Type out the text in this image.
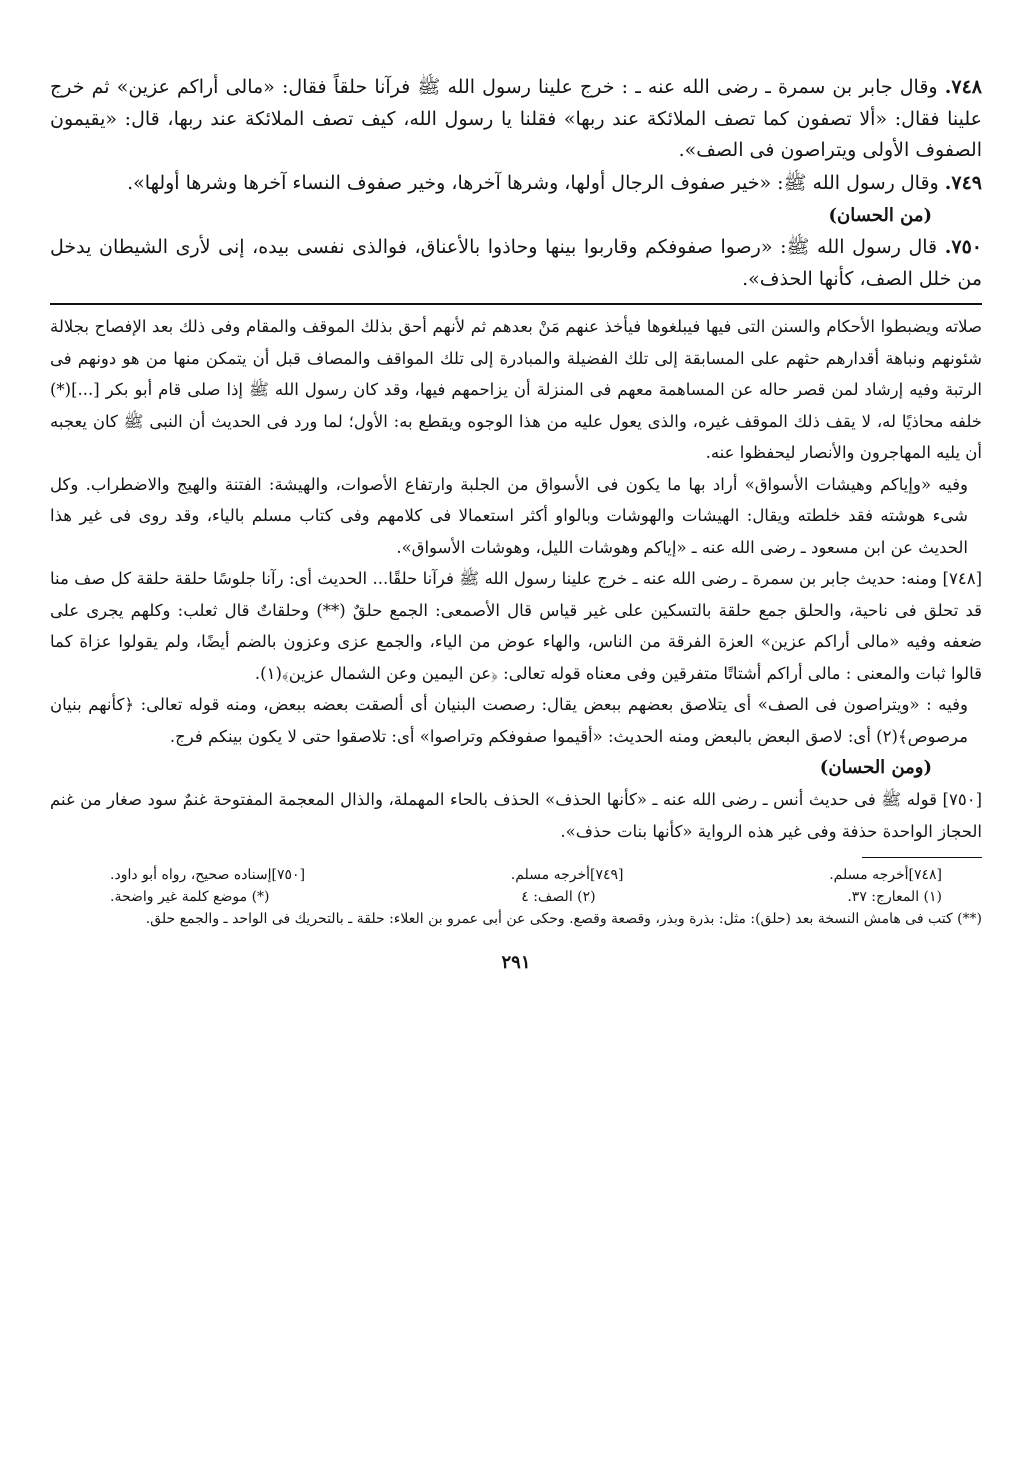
٧٤٨. وقال جابر بن سمرة ـ رضى الله عنه ـ : خرج علينا رسول الله ﷺ فرآنا حلقاً فقال: «مالى أراكم عزين» ثم خرج علينا فقال: «ألا تصفون كما تصف الملائكة عند ربها» فقلنا يا رسول الله، كيف تصف الملائكة عند ربها، قال: «يقيمون الصفوف الأولى ويتراصون فى الصف».

٧٤٩. وقال رسول الله ﷺ: «خير صفوف الرجال أولها، وشرها آخرها، وخير صفوف النساء آخرها وشرها أولها».

(من الحسان)

٧٥٠. قال رسول الله ﷺ: «رصوا صفوفكم وقاربوا بينها وحاذوا بالأعناق، فوالذى نفسى بيده، إنى لأرى الشيطان يدخل من خلل الصف، كأنها الحذف».

صلاته ويضبطوا الأحكام والسنن التى فيها فيبلغوها فيأخذ عنهم مَنْ بعدهم ثم لأنهم أحق بذلك الموقف والمقام وفى ذلك بعد الإفصاح بجلالة شئونهم ونباهة أقدارهم حثهم على المسابقة إلى تلك الفضيلة والمبادرة إلى تلك المواقف والمصاف قبل أن يتمكن منها من هو دونهم فى الرتبة وفيه إرشاد لمن قصر حاله عن المساهمة معهم فى المنزلة أن يزاحمهم فيها، وقد كان رسول الله ﷺ إذا صلى قام أبو بكر [...](*) خلفه محاذيًا له، لا يقف ذلك الموقف غيره، والذى يعول عليه من هذا الوجوه ويقطع به: الأول؛ لما ورد فى الحديث أن النبى ﷺ كان يعجبه أن يليه المهاجرون والأنصار ليحفظوا عنه.

وفيه «وإياكم وهيشات الأسواق» أراد بها ما يكون فى الأسواق من الجلبة وارتفاع الأصوات، والهيشة: الفتنة والهيج والاضطراب. وكل شىء هوشته فقد خلطته ويقال: الهيشات والهوشات وبالواو أكثر استعمالا فى كلامهم وفى كتاب مسلم بالياء، وقد روى فى غير هذا الحديث عن ابن مسعود ـ رضى الله عنه ـ «إياكم وهوشات الليل، وهوشات الأسواق».

[٧٤٨] ومنه: حديث جابر بن سمرة ـ رضى الله عنه ـ خرج علينا رسول الله ﷺ فرآنا حلقًا... الحديث أى: رآنا جلوسًا حلقة حلقة كل صف منا قد تحلق فى ناحية، والحلق جمع حلقة بالتسكين على غير قياس قال الأصمعى: الجمع حلقٌ (**) وحلقاتٌ قال ثعلب: وكلهم يجرى على ضعفه وفيه «مالى أراكم عزين» العزة الفرقة من الناس، والهاء عوض من الياء، والجمع عزى وعزون بالضم أيضًا، ولم يقولوا عزاة كما قالوا ثبات والمعنى : مالى أراكم أشتاتًا متفرقين وفى معناه قوله تعالى: ﴿عن اليمين وعن الشمال عزين﴾(١).

وفيه : «ويتراصون فى الصف» أى يتلاصق بعضهم ببعض يقال: رصصت البنيان أى ألصقت بعضه ببعض، ومنه قوله تعالى: ﴿كأنهم بنيان مرصوص﴾(٢) أى: لاصق البعض بالبعض ومنه الحديث: «أقيموا صفوفكم وتراصوا» أى: تلاصقوا حتى لا يكون بينكم فرج.

(ومن الحسان)

[٧٥٠] قوله ﷺ فى حديث أنس ـ رضى الله عنه ـ «كأنها الحذف» الحذف بالحاء المهملة، والذال المعجمة المفتوحة غنمٌ سود صغار من غنم الحجاز الواحدة حذفة وفى غير هذه الرواية «كأنها بنات حذف».

[٧٤٨]أخرجه مسلم.
[٧٤٩]أخرجه مسلم.
[٧٥٠]إسناده صحيح، رواه أبو داود.
(١) المعارج: ٣٧.
(٢) الصف: ٤
(*) موضع كلمة غير واضحة.

(**) كتب فى هامش النسخة بعد (حلق): مثل: بذرة وبذر، وقصعة وقصع. وحكى عن أبى عمرو بن العلاء: حلقة ـ بالتحريك فى الواحد ـ والجمع حلق.

٢٩١
